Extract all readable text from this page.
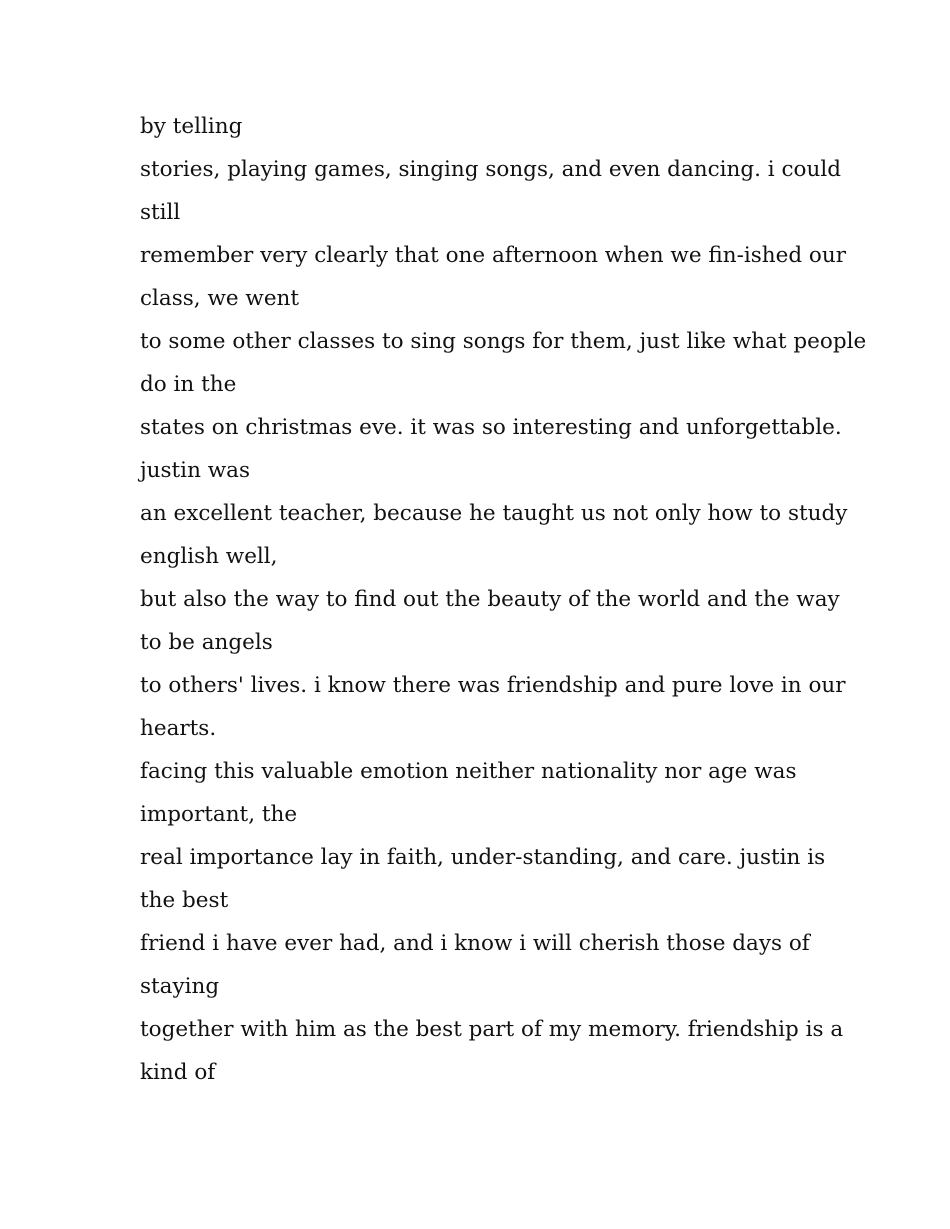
by telling
stories, playing games, singing songs, and even dancing. i could
still
remember very clearly that one afternoon when we fin-ished our
class, we went
to some other classes to sing songs for them, just like what people
do in the
states on christmas eve. it was so interesting and unforgettable.
justin was
an excellent teacher, because he taught us not only how to study
english well,
but also the way to find out the beauty of the world and the way
to be angels
to others' lives. i know there was friendship and pure love in our
hearts.
facing this valuable emotion neither nationality nor age was
important, the
real importance lay in faith, under-standing, and care. justin is
the best
friend i have ever had, and i know i will cherish those days of
staying
together with him as the best part of my memory. friendship is a
kind of
